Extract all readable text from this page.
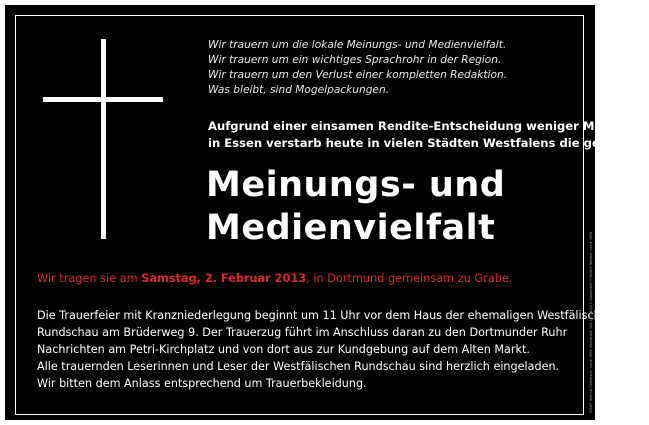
Wir trauern um die lokale Meinungs- und Medienvielfalt.
Wir trauern um ein wichtiges Sprachrohr in der Region.
Wir trauern um den Verlust einer kompletten Redaktion.
Was bleibt, sind Mogelpackungen.
Aufgrund einer einsamen Rendite-Entscheidung weniger Menschen
in Essen verstarb heute in vielen Städten Westfalens die geliebte
Meinungs- und
Medienvielfalt
Wir tragen sie am Samstag, 2. Februar 2013, in Dortmund gemeinsam zu Grabe.
Die Trauerfeier mit Kranzniederlegung beginnt um 11 Uhr vor dem Haus der ehemaligen Westfälischen
Rundschau am Brüderweg 9. Der Trauerzug führt im Anschluss daran zu den Dortmunder Ruhr
Nachrichten am Petri-Kirchplatz und von dort aus zur Kundgebung auf dem Alten Markt.
Alle trauernden Leserinnen und Leser der Westfälischen Rundschau sind herzlich eingeladen.
Wir bitten dem Anlass entsprechend um Trauerbekleidung.	ViSdP: Helmut Dahlmann, ver.di NRW, Karlstraße 123-127, 40210 Düsseldorf / Christof Büttner, ver.di NRW
